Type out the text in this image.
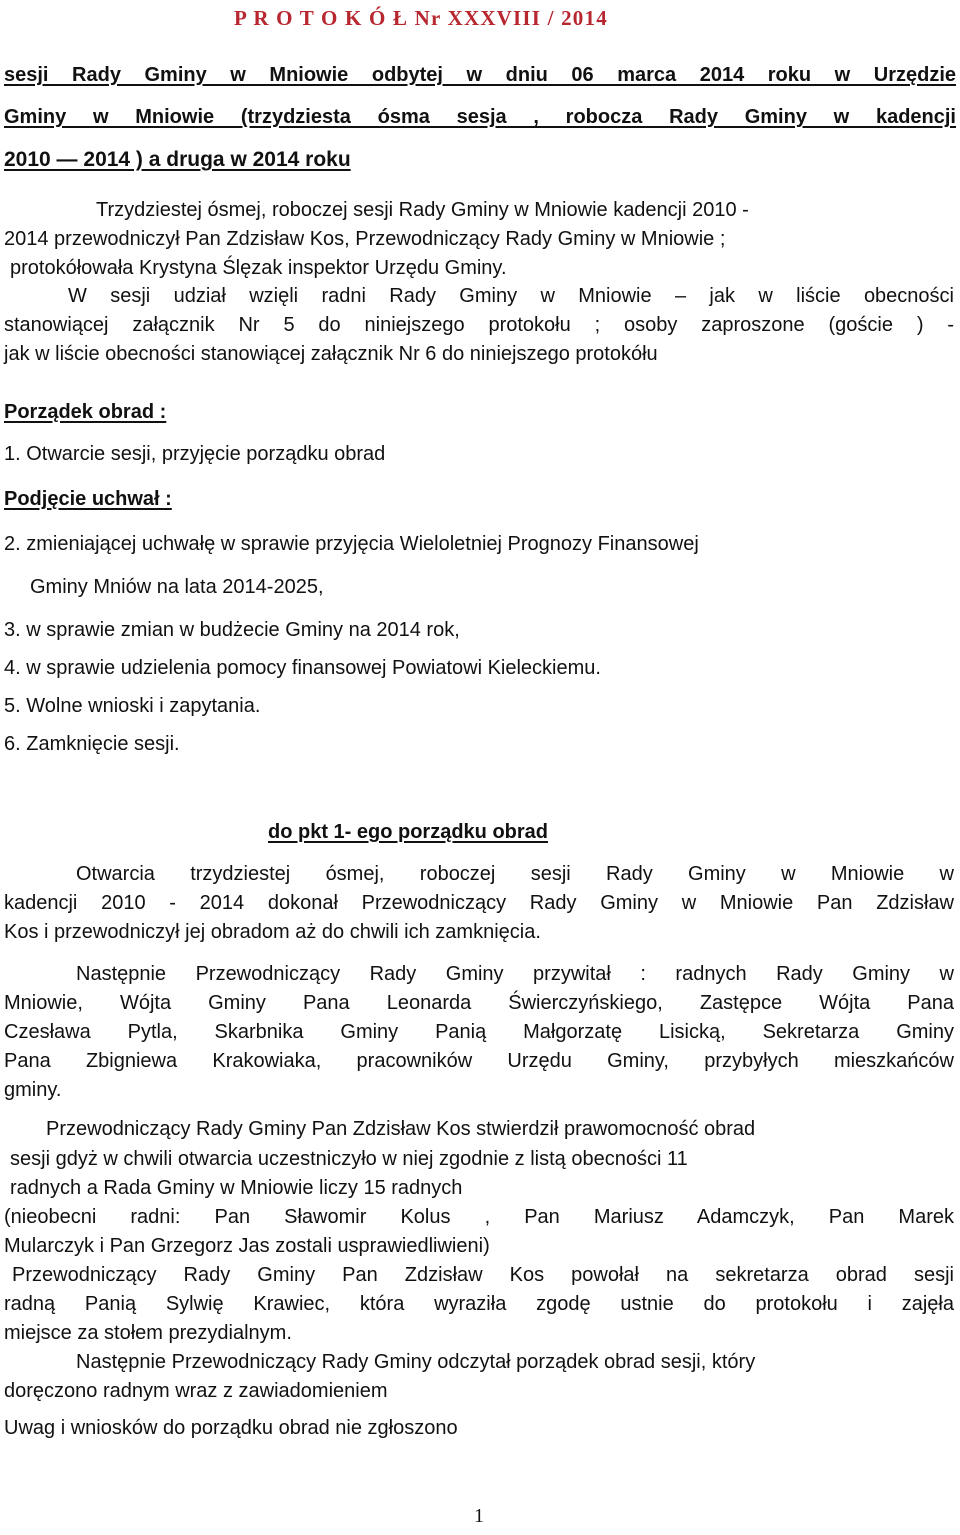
P R O T O K Ó Ł Nr XXXVIII / 2014
sesji Rady Gminy w Mniowie odbytej w dniu 06 marca 2014 roku w Urzędzie
Gminy w Mniowie (trzydziesta ósma sesja , robocza Rady Gminy w kadencji
2010 — 2014 ) a druga w 2014 roku
Trzydziestej ósmej, roboczej sesji Rady Gminy w Mniowie kadencji 2010 -
2014 przewodniczył Pan Zdzisław Kos, Przewodniczący Rady Gminy w Mniowie ;
protokółowała Krystyna Ślęzak inspektor Urzędu Gminy.
W sesji udział wzięli radni Rady Gminy w Mniowie – jak w liście obecności
stanowiącej załącznik Nr 5 do niniejszego protokołu ; osoby zaproszone (goście ) -
jak w liście obecności stanowiącej załącznik Nr 6 do niniejszego protokółu
Porządek obrad :
1. Otwarcie sesji, przyjęcie porządku obrad
Podjęcie uchwał :
2. zmieniającej uchwałę w sprawie przyjęcia Wieloletniej Prognozy Finansowej
Gminy Mniów na lata 2014-2025,
3. w sprawie zmian w budżecie Gminy na 2014 rok,
4. w sprawie udzielenia pomocy finansowej Powiatowi Kieleckiemu.
5. Wolne wnioski i zapytania.
6. Zamknięcie sesji.
do pkt 1- ego porządku obrad
Otwarcia trzydziestej ósmej, roboczej sesji Rady Gminy w Mniowie w
kadencji 2010 - 2014 dokonał Przewodniczący Rady Gminy w Mniowie Pan Zdzisław
Kos i przewodniczył jej obradom aż do chwili ich zamknięcia.
Następnie Przewodniczący Rady Gminy przywitał : radnych Rady Gminy w
Mniowie, Wójta Gminy Pana Leonarda Świerczyńskiego, Zastępce Wójta Pana
Czesława Pytla, Skarbnika Gminy Panią Małgorzatę Lisicką, Sekretarza Gminy
Pana Zbigniewa Krakowiaka, pracowników Urzędu Gminy, przybyłych mieszkańców
gminy.
Przewodniczący Rady Gminy Pan Zdzisław Kos stwierdził prawomocność obrad
sesji gdyż w chwili otwarcia uczestniczyło w niej zgodnie z listą obecności 11
radnych a Rada Gminy w Mniowie liczy 15 radnych
(nieobecni radni: Pan Sławomir Kolus , Pan Mariusz Adamczyk, Pan Marek
Mularczyk i Pan Grzegorz Jas zostali usprawiedliwieni)
Przewodniczący Rady Gminy Pan Zdzisław Kos powołał na sekretarza obrad sesji
radną Panią Sylwię Krawiec, która wyraziła zgodę ustnie do protokołu i zajęła
miejsce za stołem prezydialnym.
Następnie Przewodniczący Rady Gminy odczytał porządek obrad sesji, który
doręczono radnym wraz z zawiadomieniem
Uwag i wniosków do porządku obrad nie zgłoszono
1
